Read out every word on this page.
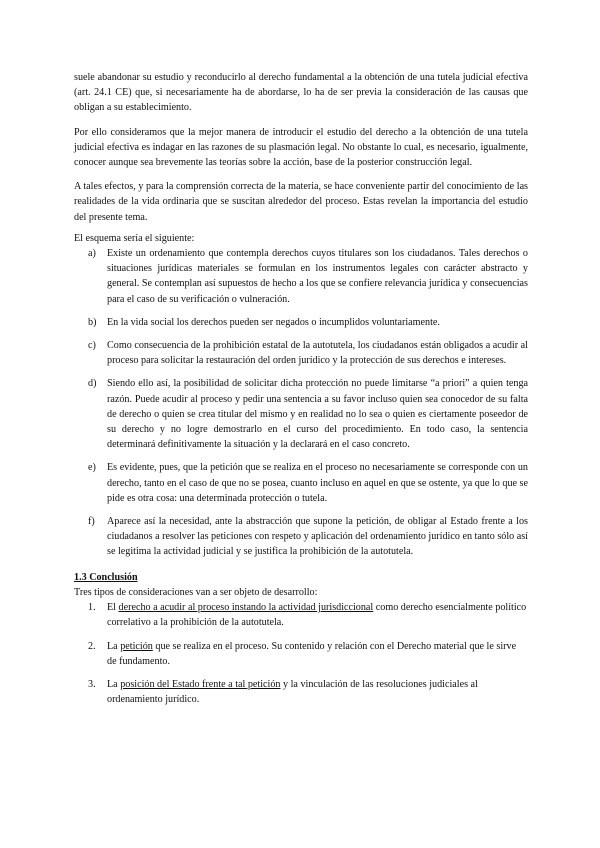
suele abandonar su estudio y reconducirlo al derecho fundamental a la obtención de una tutela judicial efectiva (art. 24.1 CE) que, si necesariamente ha de abordarse, lo ha de ser previa la consideración de las causas que obligan a su establecimiento.

Por ello consideramos que la mejor manera de introducir el estudio del derecho a la obtención de una tutela judicial efectiva es indagar en las razones de su plasmación legal. No obstante lo cual, es necesario, igualmente, conocer aunque sea brevemente las teorías sobre la acción, base de la posterior construcción legal.

A tales efectos, y para la comprensión correcta de la materia, se hace conveniente partir del conocimiento de las realidades de la vida ordinaria que se suscitan alrededor del proceso. Estas revelan la importancia del estudio del presente tema.

El esquema sería el siguiente:

a) Existe un ordenamiento que contempla derechos cuyos titulares son los ciudadanos. Tales derechos o situaciones jurídicas materiales se formulan en los instrumentos legales con carácter abstracto y general. Se contemplan así supuestos de hecho a los que se confiere relevancia jurídica y consecuencias para el caso de su verificación o vulneración.
b) En la vida social los derechos pueden ser negados o incumplidos voluntariamente.
c) Como consecuencia de la prohibición estatal de la autotutela, los ciudadanos están obligados a acudir al proceso para solicitar la restauración del orden jurídico y la protección de sus derechos e intereses.
d) Siendo ello así, la posibilidad de solicitar dicha protección no puede limitarse “a priori” a quien tenga razón. Puede acudir al proceso y pedir una sentencia a su favor incluso quien sea conocedor de su falta de derecho o quien se crea titular del mismo y en realidad no lo sea o quien es ciertamente poseedor de su derecho y no logre demostrarlo en el curso del procedimiento. En todo caso, la sentencia determinará definitivamente la situación y la declarará en el caso concreto.
e) Es evidente, pues, que la petición que se realiza en el proceso no necesariamente se corresponde con un derecho, tanto en el caso de que no se posea, cuanto incluso en aquel en que se ostente, ya que lo que se pide es otra cosa: una determinada protección o tutela.
f) Aparece así la necesidad, ante la abstracción que supone la petición, de obligar al Estado frente a los ciudadanos a resolver las peticiones con respeto y aplicación del ordenamiento jurídico en tanto sólo así se legitima la actividad judicial y se justifica la prohibición de la autotutela.
1.3 Conclusión

Tres tipos de consideraciones van a ser objeto de desarrollo:

1. El derecho a acudir al proceso instando la actividad jurisdiccional como derecho esencialmente político correlativo a la prohibición de la autotutela.
2. La petición que se realiza en el proceso. Su contenido y relación con el Derecho material que le sirve de fundamento.
3. La posición del Estado frente a tal petición y la vinculación de las resoluciones judiciales al ordenamiento jurídico.
